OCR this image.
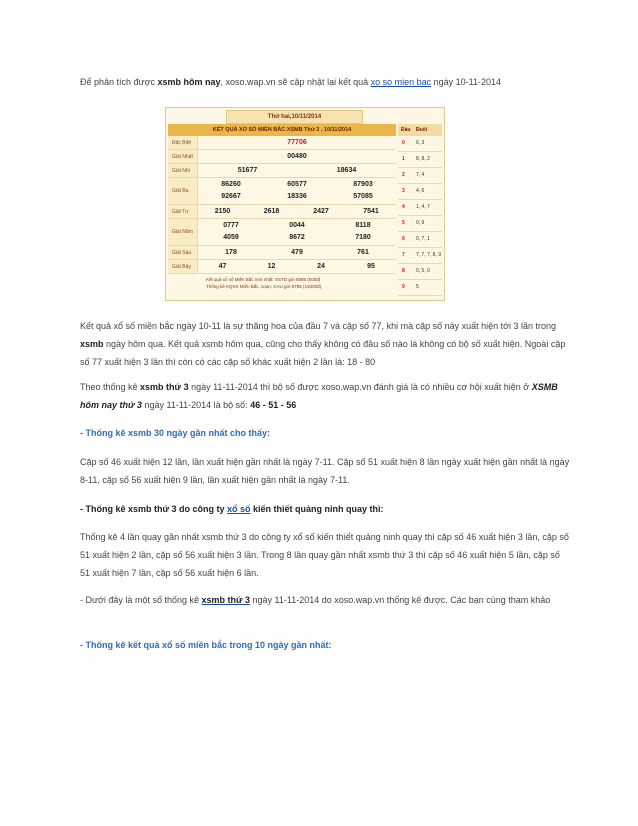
Để phân tích được xsmb hôm nay, xoso.wap.vn sẽ cập nhật lại kết quả xo so mien bac ngày 10-11-2014
Thứ hai,10/11/2014
KẾT QUẢ XỔ SỐ MIỀN BẮC XSMB Thứ 2 , 10/11/2014
Đặc Biệt	77706
Giải Nhất	00480
Giải Nhì	51677	18634
Giải Ba
86260	60577	87903
92667	18336	57085
Giải Tư	2150	2618	2427	7541
Giải Năm
0777	0044	8118
4059	8672	7180
Giải Sáu	178	479	761
Giải Bảy	47	12	24	95
Kết quả xổ số Miền Bắc mới nhất: XSTD gửi 8085 (500đ)
Thống kê KQXS Miền Bắc, soạn: CAU gửi 8785 (15000đ)
Đầu Đuôi
0 6, 3
1 8, 8, 2
2 7, 4
3 4, 6
4 1, 4, 7
5 0, 9
6 0, 7, 1
7 7, 7, 7, 8, 9
8 0, 5, 0
9 5
Kết quả xổ số miền bắc ngày 10-11 là sự thăng hoa của đầu 7 và cặp số 77, khi mà cặp số này xuất hiện tới 3 lần trong xsmb ngày hôm qua. Kết quả xsmb hôm qua, cũng cho thấy không có đầu số nào là không có bộ số xuất hiện. Ngoài cặp số 77 xuất hiện 3 lần thì còn có các cặp số khác xuất hiện 2 lần là: 18 - 80
Theo thống kê xsmb thứ 3 ngày 11-11-2014 thì bộ số được xoso.wap.vn đánh giá là có nhiều cơ hội xuất hiện ở XSMB hôm nay thứ 3 ngày 11-11-2014 là bộ số: 46 - 51 - 56
- Thống kê xsmb 30 ngày gần nhất cho thấy:
Cặp số 46 xuất hiện 12 lần, lần xuất hiện gần nhất là ngày 7-11. Cặp số 51 xuất hiện 8 lần ngày xuất hiện gần nhất là ngày 8-11, cặp số 56 xuất hiện 9 lần, lần xuất hiện gần nhất là ngày 7-11.
- Thống kê xsmb thứ 3 do công ty xổ số kiến thiết quảng ninh quay thì:
Thống kê 4 lần quay gần nhất xsmb thứ 3 do công ty xổ số kiến thiết quảng ninh quay thì cặp số 46 xuất hiện 3 lần, cặp số 51 xuất hiện 2 lần, cặp số 56 xuất hiện 3 lần. Trong 8 lần quay gần nhất xsmb thứ 3 thì cặp số 46 xuất hiện 5 lần, cặp số 51 xuất hiện 7 lần, cặp số 56 xuất hiện 6 lần.
- Dưới đây là một số thống kê xsmb thứ 3 ngày 11-11-2014 do xoso.wap.vn thống kê được. Các bạn cùng tham khảo
- Thống kê kết quả xổ số miền bắc trong 10 ngày gần nhất:
